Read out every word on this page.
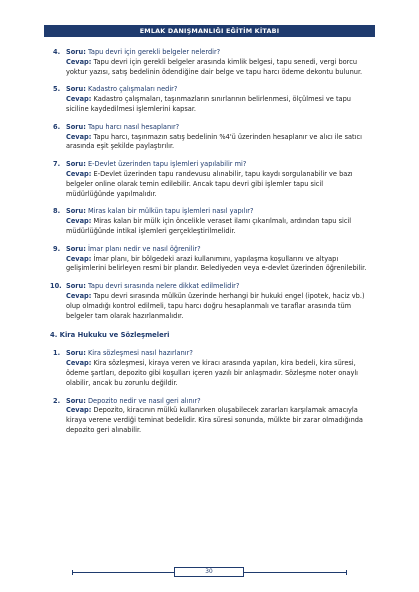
EMLAK DANIŞMANLIĞI EĞİTİM KİTABI
4. Soru: Tapu devri için gerekli belgeler nelerdir?
Cevap: Tapu devri için gerekli belgeler arasında kimlik belgesi, tapu senedi, vergi borcu yoktur yazısı, satış bedelinin ödendiğine dair belge ve tapu harcı ödeme dekontu bulunur.
5. Soru: Kadastro çalışmaları nedir?
Cevap: Kadastro çalışmaları, taşınmazların sınırlarının belirlenmesi, ölçülmesi ve tapu siciline kaydedilmesi işlemlerini kapsar.
6. Soru: Tapu harcı nasıl hesaplanır?
Cevap: Tapu harcı, taşınmazın satış bedelinin %4'ü üzerinden hesaplanır ve alıcı ile satıcı arasında eşit şekilde paylaştırılır.
7. Soru: E-Devlet üzerinden tapu işlemleri yapılabilir mi?
Cevap: E-Devlet üzerinden tapu randevusu alınabilir, tapu kaydı sorgulanabilir ve bazı belgeler online olarak temin edilebilir. Ancak tapu devri gibi işlemler tapu sicil müdürlüğünde yapılmalıdır.
8. Soru: Miras kalan bir mülkün tapu işlemleri nasıl yapılır?
Cevap: Miras kalan bir mülk için öncelikle veraset ilamı çıkarılmalı, ardından tapu sicil müdürlüğünde intikal işlemleri gerçekleştirilmelidir.
9. Soru: İmar planı nedir ve nasıl öğrenilir?
Cevap: İmar planı, bir bölgedeki arazi kullanımını, yapılaşma koşullarını ve altyapı gelişimlerini belirleyen resmi bir plandır. Belediyeden veya e-devlet üzerinden öğrenilebilir.
10. Soru: Tapu devri sırasında nelere dikkat edilmelidir?
Cevap: Tapu devri sırasında mülkün üzerinde herhangi bir hukuki engel (ipotek, haciz vb.) olup olmadığı kontrol edilmeli, tapu harcı doğru hesaplanmalı ve taraflar arasında tüm belgeler tam olarak hazırlanmalıdır.
4. Kira Hukuku ve Sözleşmeleri
1. Soru: Kira sözleşmesi nasıl hazırlanır?
Cevap: Kira sözleşmesi, kiraya veren ve kiracı arasında yapılan, kira bedeli, kira süresi, ödeme şartları, depozito gibi koşulları içeren yazılı bir anlaşmadır. Sözleşme noter onaylı olabilir, ancak bu zorunlu değildir.
2. Soru: Depozito nedir ve nasıl geri alınır?
Cevap: Depozito, kiracının mülkü kullanırken oluşabilecek zararları karşılamak amacıyla kiraya verene verdiği teminat bedelidir. Kira süresi sonunda, mülkte bir zarar olmadığında depozito geri alınabilir.
30
